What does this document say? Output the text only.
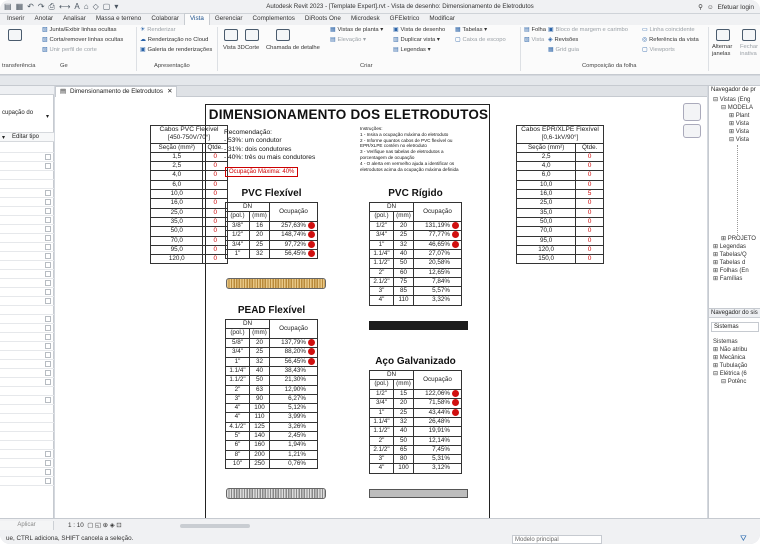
▤ ▦ ↶ ↷ ⎙ ⟷ A ⌂ ◇ ▢ ▾	Autodesk Revit 2023 - [Template Expert].rvt - Vista de desenho: Dimensionamento de Eletrodutos	⚲ ☺ Efetuar login
Inserir	Anotar	Analisar	Massa e terreno	Colaborar	Vista	Gerenciar	Complementos	DiRoots One	Microdesk	GFEletrico	Modificar
▧ Junta/Exibir linhas ocultas
▧ Corta/remover linhas ocultas
▧ Unir perfil de corte
transferência	Ge
☀ Renderizar
☁ Renderização no Cloud
▣ Galeria de renderizações
Apresentação
Vista 3D Corte Chamada de detalhe
▦ Vistas de planta ▾
▤ Elevação ▾
▣ Vista de desenho
▥ Duplicar vista ▾
▤ Legendas ▾
▦ Tabelas ▾
▢ Caixa de escopo
Criar
▤ Folha
▧ Vista
▣ Bloco de margem e carimbo
◈ Revisões
▦ Grid guia
▭ Linha coincidente
◎ Referência da vista
▢ Viewports
Composição da folha
Alternar janelas
Fechar inativa
cupação do
▾
▾ Editar tipo
▤ Dimensionamento de Eletrodutos ✕
DIMENSIONAMENTO DOS ELETRODUTOS
Cabos PVC Flexível	
[450-750V/70°]	
Seção (mm²)	Qtde.
1,5	0
2,5	0
4,0	0
6,0	0
10,0	0
16,0	0
25,0	0
35,0	0
50,0	0
70,0	0
95,0	0
120,0	0
Cabos EPR/XLPE Flexível	
[0,6-1kV/90°]	
Seção (mm²)	Qtde.
2,5	0
4,0	0
6,0	0
10,0	0
16,0	5
25,0	0
35,0	0
50,0	0
70,0	0
95,0	0
120,0	0
150,0	0
Recomendação:
- 53%: um condutor
- 31%: dois condutores
- 40%: três ou mais condutores
Ocupação Máxima: 40%
Instruções:
1 - Insira a ocupação máxima do eletroduto
2 - Informe quantos cabos de PVC flexível ou
EPR/XLPE contém no eletroduto
3 - Verifique nas tabelas de eletrodutos a
porcentagem de ocupação
4 - O alerta em vermelho ajuda a identificar os
eletrodutos acima da ocupação máxima definida
PVC Flexível
DN		Ocupação
(pol.)	(mm)	
3/8"	16	257,63%
1/2"	20	148,74%
3/4"	25	97,72%
1"	32	56,45%
PVC Rígido
DN		Ocupação
(pol.)	(mm)	
1/2"	20	131,19%
3/4"	25	77,77%
1"	32	46,65%
1.1/4"	40	27,07%
1.1/2"	50	20,58%
2"	60	12,65%
2.1/2"	75	7,84%
3"	85	5,57%
4"	110	3,32%
PEAD Flexível
DN		Ocupação
(pol.)	(mm)	
5/8"	20	137,79%
3/4"	25	88,20%
1"	32	56,45%
1.1/4"	40	38,43%
1.1/2"	50	21,30%
2"	63	12,90%
3"	90	6,27%
4"	100	5,12%
4"	110	3,99%
4.1/2"	125	3,26%
5"	140	2,45%
6"	160	1,94%
8"	200	1,21%
10"	250	0,76%
Aço Galvanizado
DN		Ocupação
(pol.)	(mm)	
1/2"	15	122,06%
3/4"	20	71,58%
1"	25	43,44%
1.1/4"	32	26,48%
1.1/2"	40	19,91%
2"	50	12,14%
2.1/2"	65	7,45%
3"	80	5,31%
4"	100	3,12%
Navegador de pr
⊟ Vistas (Eng
⊟ MODELA
⊞ Plant
⊞ Vista
⊞ Vista
⊟ Vista
⊞ PROJETO
⊞ Legendas
⊞ Tabelas/Q
⊞ Tabelas d
⊞ Folhas (En
⊞ Famílias
Navegador do sis
Sistemas
Sistemas
⊞ Não atribu
⊞ Mecânica
⊞ Tubulação
⊟ Elétrica (6
⊟ Potênc
Aplicar	1 : 10  ▢ ◱ ⊕ ◈ ⊡
ue, CTRL adiciona, SHIFT cancela a seleção.	Modelo principal	⛛
